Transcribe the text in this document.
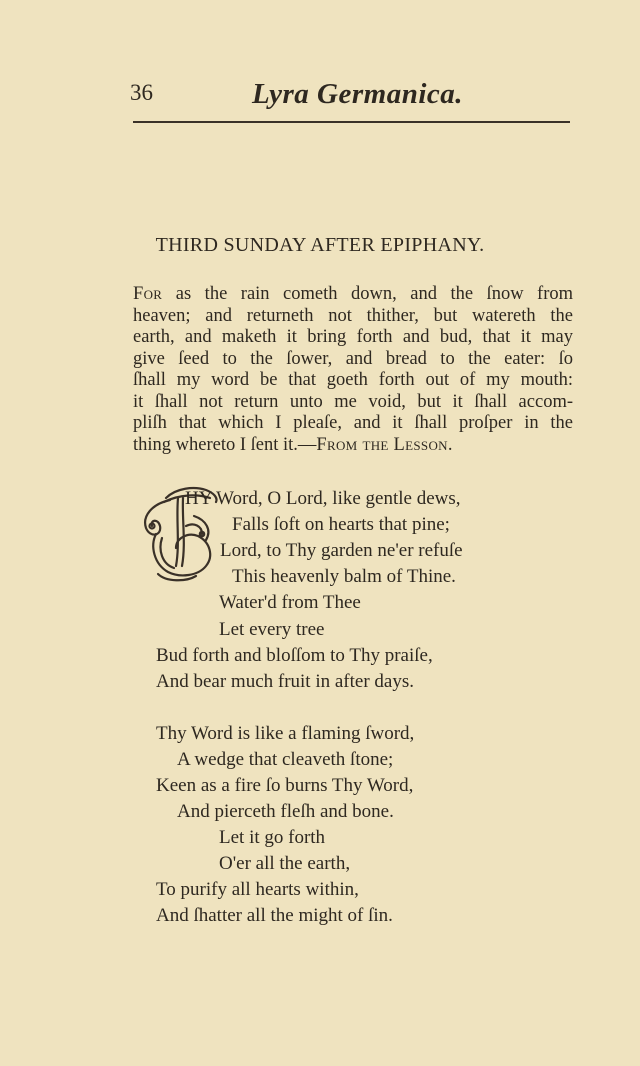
36	Lyra Germanica.
THIRD SUNDAY AFTER EPIPHANY.
For as the rain cometh down, and the ſnow from
heaven; and returneth not thither, but watereth the
earth, and maketh it bring forth and bud, that it may
give ſeed to the ſower, and bread to the eater: ſo
ſhall my word be that goeth forth out of my mouth:
it ſhall not return unto me void, but it ſhall accom-
pliſh that which I pleaſe, and it ſhall proſper in the
thing whereto I ſent it.—From the Lesson.
HY Word, O Lord, like gentle dews,
Falls ſoft on hearts that pine;
Lord, to Thy garden ne'er refuſe
This heavenly balm of Thine.
Water'd from Thee
Let every tree
Bud forth and bloſſom to Thy praiſe,
And bear much fruit in after days.
Thy Word is like a flaming ſword,
A wedge that cleaveth ſtone;
Keen as a fire ſo burns Thy Word,
And pierceth fleſh and bone.
Let it go forth
O'er all the earth,
To purify all hearts within,
And ſhatter all the might of ſin.
